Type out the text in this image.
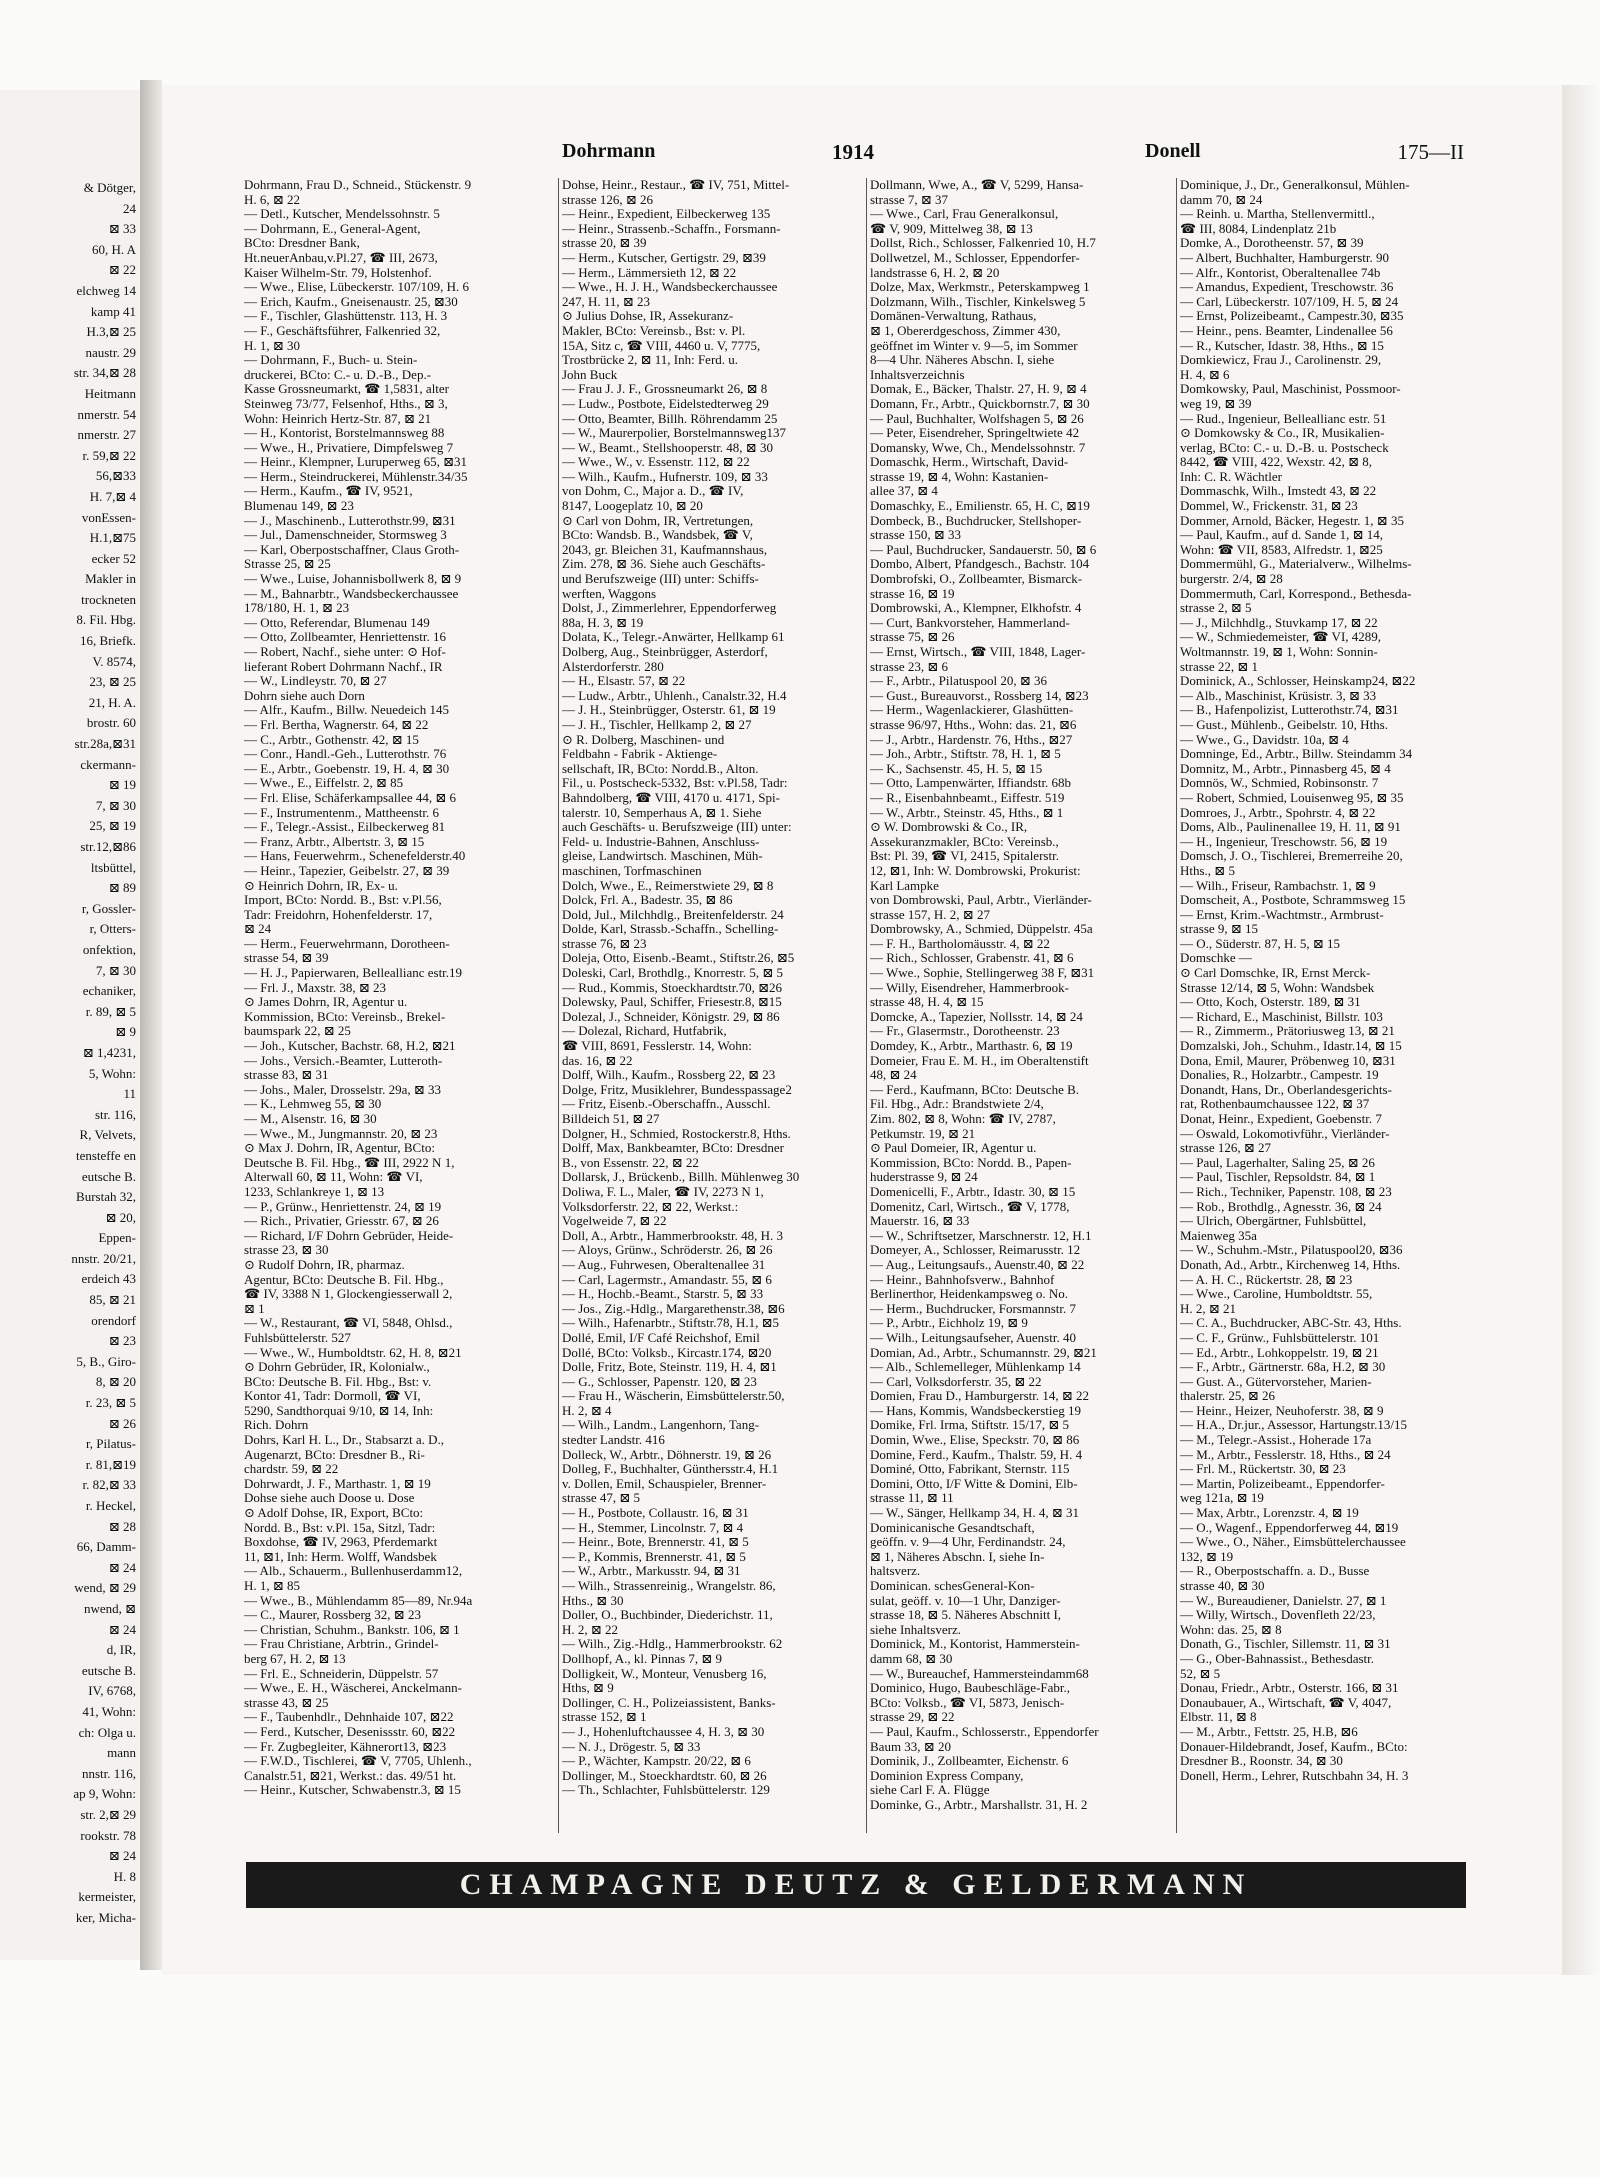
& Dötger,
24
⊠ 33
60, H. A
⊠ 22
elchweg 14
kamp 41
H.3,⊠ 25
naustr. 29
str. 34,⊠ 28
Heitmann
nmerstr. 54
nmerstr. 27
r. 59,⊠ 22
56,⊠33
H. 7,⊠ 4
vonEssen-
H.1,⊠75
ecker 52
Makler in
trockneten
8. Fil. Hbg.
16, Briefk.
V. 8574,
23, ⊠ 25
21, H. A.
brostr. 60
str.28a,⊠31
ckermann-
⊠ 19
7, ⊠ 30
25, ⊠ 19
str.12,⊠86
ltsbüttel,
⊠ 89
r, Gossler-
r, Otters-
onfektion,
7, ⊠ 30
echaniker,
r. 89, ⊠ 5
⊠ 9
⊠ 1,4231,
5, Wohn:
11
str. 116,
R, Velvets,
tensteffe en
eutsche B.
Burstah 32,
⊠ 20,
Eppen-
nnstr. 20/21,
erdeich 43
85, ⊠ 21
orendorf
⊠ 23
5, B., Giro-
8, ⊠ 20
r. 23, ⊠ 5
⊠ 26
r, Pilatus-
r. 81,⊠19
r. 82,⊠ 33
r. Heckel,
⊠ 28
66, Damm-
⊠ 24
wend, ⊠ 29
nwend, ⊠
⊠ 24
d, IR,
eutsche B.
IV, 6768,
41, Wohn:
ch: Olga u.
mann
nnstr. 116,
ap 9, Wohn:
str. 2,⊠ 29
rookstr. 78
⊠ 24
H. 8
kermeister,
ker, Micha-
Dohrmann	1914	Donell	175—II
Dohrmann, Frau D., Schneid., Stückenstr. 9
H. 6, ⊠ 22
— Detl., Kutscher, Mendelssohnstr. 5
— Dohrmann, E., General-Agent,
BCto: Dresdner Bank,
Ht.neuerAnbau,v.Pl.27, ☎ III, 2673,
Kaiser Wilhelm-Str. 79, Holstenhof.
— Wwe., Elise, Lübeckerstr. 107/109, H. 6
— Erich, Kaufm., Gneisenaustr. 25, ⊠30
— F., Tischler, Glashüttenstr. 113, H. 3
— F., Geschäftsführer, Falkenried 32,
H. 1, ⊠ 30
— Dohrmann, F., Buch- u. Stein-
druckerei, BCto: C.- u. D.-B., Dep.-
Kasse Grossneumarkt, ☎ 1,5831, alter
Steinweg 73/77, Felsenhof, Hths., ⊠ 3,
Wohn: Heinrich Hertz-Str. 87, ⊠ 21
— H., Kontorist, Borstelmannsweg 88
— Wwe., H., Privatiere, Dimpfelsweg 7
— Heinr., Klempner, Luruperweg 65, ⊠31
— Herm., Steindruckerei, Mühlenstr.34/35
— Herm., Kaufm., ☎ IV, 9521,
Blumenau 149, ⊠ 23
— J., Maschinenb., Lutterothstr.99, ⊠31
— Jul., Damenschneider, Stormsweg 3
— Karl, Oberpostschaffner, Claus Groth-
Strasse 25, ⊠ 25
— Wwe., Luise, Johannisbollwerk 8, ⊠ 9
— M., Bahnarbtr., Wandsbeckerchaussee
178/180, H. 1, ⊠ 23
— Otto, Referendar, Blumenau 149
— Otto, Zollbeamter, Henriettenstr. 16
— Robert, Nachf., siehe unter: ⊙ Hof-
lieferant Robert Dohrmann Nachf., IR
— W., Lindleystr. 70, ⊠ 27
Dohrn siehe auch Dorn
— Alfr., Kaufm., Billw. Neuedeich 145
— Frl. Bertha, Wagnerstr. 64, ⊠ 22
— C., Arbtr., Gothenstr. 42, ⊠ 15
— Conr., Handl.-Geh., Lutterothstr. 76
— E., Arbtr., Goebenstr. 19, H. 4, ⊠ 30
— Wwe., E., Eiffelstr. 2, ⊠ 85
— Frl. Elise, Schäferkampsallee 44, ⊠ 6
— F., Instrumentenm., Mattheenstr. 6
— F., Telegr.-Assist., Eilbeckerweg 81
— Franz, Arbtr., Albertstr. 3, ⊠ 15
— Hans, Feuerwehrm., Schenefelderstr.40
— Heinr., Tapezier, Geibelstr. 27, ⊠ 39
⊙ Heinrich Dohrn, IR, Ex- u.
Import, BCto: Nordd. B., Bst: v.Pl.56,
Tadr: Freidohrn, Hohenfelderstr. 17,
⊠ 24
— Herm., Feuerwehrmann, Dorotheen-
strasse 54, ⊠ 39
— H. J., Papierwaren, Belleallianc estr.19
— Frl. J., Maxstr. 38, ⊠ 23
⊙ James Dohrn, IR, Agentur u.
Kommission, BCto: Vereinsb., Brekel-
baumspark 22, ⊠ 25
— Joh., Kutscher, Bachstr. 68, H.2, ⊠21
— Johs., Versich.-Beamter, Lutteroth-
strasse 83, ⊠ 31
— Johs., Maler, Drosselstr. 29a, ⊠ 33
— K., Lehmweg 55, ⊠ 30
— M., Alsenstr. 16, ⊠ 30
— Wwe., M., Jungmannstr. 20, ⊠ 23
⊙ Max J. Dohrn, IR, Agentur, BCto:
Deutsche B. Fil. Hbg., ☎ III, 2922 N 1,
Alterwall 60, ⊠ 11, Wohn: ☎ VI,
1233, Schlankreye 1, ⊠ 13
— P., Grünw., Henriettenstr. 24, ⊠ 19
— Rich., Privatier, Griesstr. 67, ⊠ 26
— Richard, I/F Dohrn Gebrüder, Heide-
strasse 23, ⊠ 30
⊙ Rudolf Dohrn, IR, pharmaz.
Agentur, BCto: Deutsche B. Fil. Hbg.,
☎ IV, 3388 N 1, Glockengiesserwall 2,
⊠ 1
— W., Restaurant, ☎ VI, 5848, Ohlsd.,
Fuhlsbüttelerstr. 527
— Wwe., W., Humboldtstr. 62, H. 8, ⊠21
⊙ Dohrn Gebrüder, IR, Kolonialw.,
BCto: Deutsche B. Fil. Hbg., Bst: v.
Kontor 41, Tadr: Dormoll, ☎ VI,
5290, Sandthorquai 9/10, ⊠ 14, Inh:
Rich. Dohrn
Dohrs, Karl H. L., Dr., Stabsarzt a. D.,
Augenarzt, BCto: Dresdner B., Ri-
chardstr. 59, ⊠ 22
Dohrwardt, J. F., Marthastr. 1, ⊠ 19
Dohse siehe auch Doose u. Dose
⊙ Adolf Dohse, IR, Export, BCto:
Nordd. B., Bst: v.Pl. 15a, Sitzl, Tadr:
Boxdohse, ☎ IV, 2963, Pferdemarkt
11, ⊠1, Inh: Herm. Wolff, Wandsbek
— Alb., Schauerm., Bullenhuserdamm12,
H. 1, ⊠ 85
— Wwe., B., Mühlendamm 85—89, Nr.94a
— C., Maurer, Rossberg 32, ⊠ 23
— Christian, Schuhm., Bankstr. 106, ⊠ 1
— Frau Christiane, Arbtrin., Grindel-
berg 67, H. 2, ⊠ 13
— Frl. E., Schneiderin, Düppelstr. 57
— Wwe., E. H., Wäscherei, Anckelmann-
strasse 43, ⊠ 25
— F., Taubenhdlr., Dehnhaide 107, ⊠22
— Ferd., Kutscher, Desenissstr. 60, ⊠22
— Fr. Zugbegleiter, Kähnerort13, ⊠23
— F.W.D., Tischlerei, ☎ V, 7705, Uhlenh.,
Canalstr.51, ⊠21, Werkst.: das. 49/51 ht.
— Heinr., Kutscher, Schwabenstr.3, ⊠ 15
Dohse, Heinr., Restaur., ☎ IV, 751, Mittel-
strasse 126, ⊠ 26
— Heinr., Expedient, Eilbeckerweg 135
— Heinr., Strassenb.-Schaffn., Forsmann-
strasse 20, ⊠ 39
— Herm., Kutscher, Gertigstr. 29, ⊠39
— Herm., Lämmersieth 12, ⊠ 22
— Wwe., H. J. H., Wandsbeckerchaussee
247, H. 11, ⊠ 23
⊙ Julius Dohse, IR, Assekuranz-
Makler, BCto: Vereinsb., Bst: v. Pl.
15A, Sitz c, ☎ VIII, 4460 u. V, 7775,
Trostbrücke 2, ⊠ 11, Inh: Ferd. u.
John Buck
— Frau J. J. F., Grossneumarkt 26, ⊠ 8
— Ludw., Postbote, Eidelstedterweg 29
— Otto, Beamter, Billh. Röhrendamm 25
— W., Maurerpolier, Borstelmannsweg137
— W., Beamt., Stellshooperstr. 48, ⊠ 30
— Wwe., W., v. Essenstr. 112, ⊠ 22
— Wilh., Kaufm., Hufnerstr. 109, ⊠ 33
von Dohm, C., Major a. D., ☎ IV,
8147, Loogeplatz 10, ⊠ 20
⊙ Carl von Dohm, IR, Vertretungen,
BCto: Wandsb. B., Wandsbek, ☎ V,
2043, gr. Bleichen 31, Kaufmannshaus,
Zim. 278, ⊠ 36. Siehe auch Geschäfts-
und Berufszweige (III) unter: Schiffs-
werften, Waggons
Dolst, J., Zimmerlehrer, Eppendorferweg
88a, H. 3, ⊠ 19
Dolata, K., Telegr.-Anwärter, Hellkamp 61
Dolberg, Aug., Steinbrügger, Asterdorf,
Alsterdorferstr. 280
— H., Elsastr. 57, ⊠ 22
— Ludw., Arbtr., Uhlenh., Canalstr.32, H.4
— J. H., Steinbrügger, Osterstr. 61, ⊠ 19
— J. H., Tischler, Hellkamp 2, ⊠ 27
⊙ R. Dolberg, Maschinen- und
Feldbahn - Fabrik - Aktienge-
sellschaft, IR, BCto: Nordd.B., Alton.
Fil., u. Postscheck-5332, Bst: v.Pl.58, Tadr:
Bahndolberg, ☎ VIII, 4170 u. 4171, Spi-
talerstr. 10, Semperhaus A, ⊠ 1. Siehe
auch Geschäfts- u. Berufszweige (III) unter:
Feld- u. Industrie-Bahnen, Anschluss-
gleise, Landwirtsch. Maschinen, Müh-
maschinen, Torfmaschinen
Dolch, Wwe., E., Reimerstwiete 29, ⊠ 8
Dolck, Frl. A., Badestr. 35, ⊠ 86
Dold, Jul., Milchhdlg., Breitenfelderstr. 24
Dolde, Karl, Strassb.-Schaffn., Schelling-
strasse 76, ⊠ 23
Doleja, Otto, Eisenb.-Beamt., Stiftstr.26, ⊠5
Doleski, Carl, Brothdlg., Knorrestr. 5, ⊠ 5
— Rud., Kommis, Stoeckhardtstr.70, ⊠26
Dolewsky, Paul, Schiffer, Friesestr.8, ⊠15
Dolezal, J., Schneider, Königstr. 29, ⊠ 86
— Dolezal, Richard, Hutfabrik,
☎ VIII, 8691, Fesslerstr. 14, Wohn:
das. 16, ⊠ 22
Dolff, Wilh., Kaufm., Rossberg 22, ⊠ 23
Dolge, Fritz, Musiklehrer, Bundesspassage2
— Fritz, Eisenb.-Oberschaffn., Ausschl.
Billdeich 51, ⊠ 27
Dolgner, H., Schmied, Rostockerstr.8, Hths.
Dolff, Max, Bankbeamter, BCto: Dresdner
B., von Essenstr. 22, ⊠ 22
Dollarsk, J., Brückenb., Billh. Mühlenweg 30
Doliwa, F. L., Maler, ☎ IV, 2273 N 1,
Volksdorferstr. 22, ⊠ 22, Werkst.:
Vogelweide 7, ⊠ 22
Doll, A., Arbtr., Hammerbrookstr. 48, H. 3
— Aloys, Grünw., Schröderstr. 26, ⊠ 26
— Aug., Fuhrwesen, Oberaltenallee 31
— Carl, Lagermstr., Amandastr. 55, ⊠ 6
— H., Hochb.-Beamt., Starstr. 5, ⊠ 33
— Jos., Zig.-Hdlg., Margarethenstr.38, ⊠6
— Wilh., Hafenarbtr., Stiftstr.78, H.1, ⊠5
Dollé, Emil, I/F Café Reichshof, Emil
Dollé, BCto: Volksb., Kircastr.174, ⊠20
Dolle, Fritz, Bote, Steinstr. 119, H. 4, ⊠1
— G., Schlosser, Papenstr. 120, ⊠ 23
— Frau H., Wäscherin, Eimsbüttelerstr.50,
H. 2, ⊠ 4
— Wilh., Landm., Langenhorn, Tang-
stedter Landstr. 416
Dolleck, W., Arbtr., Döhnerstr. 19, ⊠ 26
Dolleg, F., Buchhalter, Günthersstr.4, H.1
v. Dollen, Emil, Schauspieler, Brenner-
strasse 47, ⊠ 5
— H., Postbote, Collaustr. 16, ⊠ 31
— H., Stemmer, Lincolnstr. 7, ⊠ 4
— Heinr., Bote, Brennerstr. 41, ⊠ 5
— P., Kommis, Brennerstr. 41, ⊠ 5
— W., Arbtr., Markusstr. 94, ⊠ 31
— Wilh., Strassenreinig., Wrangelstr. 86,
Hths., ⊠ 30
Doller, O., Buchbinder, Diederichstr. 11,
H. 2, ⊠ 22
— Wilh., Zig.-Hdlg., Hammerbrookstr. 62
Dollhopf, A., kl. Pinnas 7, ⊠ 9
Dolligkeit, W., Monteur, Venusberg 16,
Hths, ⊠ 9
Dollinger, C. H., Polizeiassistent, Banks-
strasse 152, ⊠ 1
— J., Hohenluftchaussee 4, H. 3, ⊠ 30
— N. J., Drögestr. 5, ⊠ 33
— P., Wächter, Kampstr. 20/22, ⊠ 6
Dollinger, M., Stoeckhardtstr. 60, ⊠ 26
— Th., Schlachter, Fuhlsbüttelerstr. 129
Dollmann, Wwe, A., ☎ V, 5299, Hansa-
strasse 7, ⊠ 37
— Wwe., Carl, Frau Generalkonsul,
☎ V, 909, Mittelweg 38, ⊠ 13
Dollst, Rich., Schlosser, Falkenried 10, H.7
Dollwetzel, M., Schlosser, Eppendorfer-
landstrasse 6, H. 2, ⊠ 20
Dolze, Max, Werkmstr., Peterskampweg 1
Dolzmann, Wilh., Tischler, Kinkelsweg 5
Domänen-Verwaltung, Rathaus,
⊠ 1, Obererdgeschoss, Zimmer 430,
geöffnet im Winter v. 9—5, im Sommer
8—4 Uhr. Näheres Abschn. I, siehe
Inhaltsverzeichnis
Domak, E., Bäcker, Thalstr. 27, H. 9, ⊠ 4
Domann, Fr., Arbtr., Quickbornstr.7, ⊠ 30
— Paul, Buchhalter, Wolfshagen 5, ⊠ 26
— Peter, Eisendreher, Springeltwiete 42
Domansky, Wwe, Ch., Mendelssohnstr. 7
Domaschk, Herm., Wirtschaft, David-
strasse 19, ⊠ 4, Wohn: Kastanien-
allee 37, ⊠ 4
Domaschky, E., Emilienstr. 65, H. C, ⊠19
Dombeck, B., Buchdrucker, Stellshoper-
strasse 150, ⊠ 33
— Paul, Buchdrucker, Sandauerstr. 50, ⊠ 6
Dombo, Albert, Pfandgesch., Bachstr. 104
Dombrofski, O., Zollbeamter, Bismarck-
strasse 16, ⊠ 19
Dombrowski, A., Klempner, Elkhofstr. 4
— Curt, Bankvorsteher, Hammerland-
strasse 75, ⊠ 26
— Ernst, Wirtsch., ☎ VIII, 1848, Lager-
strasse 23, ⊠ 6
— F., Arbtr., Pilatuspool 20, ⊠ 36
— Gust., Bureauvorst., Rossberg 14, ⊠23
— Herm., Wagenlackierer, Glashütten-
strasse 96/97, Hths., Wohn: das. 21, ⊠6
— J., Arbtr., Hardenstr. 76, Hths., ⊠27
— Joh., Arbtr., Stiftstr. 78, H. 1, ⊠ 5
— K., Sachsenstr. 45, H. 5, ⊠ 15
— Otto, Lampenwärter, Iffiandstr. 68b
— R., Eisenbahnbeamt., Eiffestr. 519
— W., Arbtr., Steinstr. 45, Hths., ⊠ 1
⊙ W. Dombrowski & Co., IR,
Assekuranzmakler, BCto: Vereinsb.,
Bst: Pl. 39, ☎ VI, 2415, Spitalerstr.
12, ⊠1, Inh: W. Dombrowski, Prokurist:
Karl Lampke
von Dombrowski, Paul, Arbtr., Vierländer-
strasse 157, H. 2, ⊠ 27
Dombrowsky, A., Schmied, Düppelstr. 45a
— F. H., Bartholomäusstr. 4, ⊠ 22
— Rich., Schlosser, Grabenstr. 41, ⊠ 6
— Wwe., Sophie, Stellingerweg 38 F, ⊠31
— Willy, Eisendreher, Hammerbrook-
strasse 48, H. 4, ⊠ 15
Domcke, A., Tapezier, Nollsstr. 14, ⊠ 24
— Fr., Glasermstr., Dorotheenstr. 23
Domdey, K., Arbtr., Marthastr. 6, ⊠ 19
Domeier, Frau E. M. H., im Oberaltenstift
48, ⊠ 24
— Ferd., Kaufmann, BCto: Deutsche B.
Fil. Hbg., Adr.: Brandstwiete 2/4,
Zim. 802, ⊠ 8, Wohn: ☎ IV, 2787,
Petkumstr. 19, ⊠ 21
⊙ Paul Domeier, IR, Agentur u.
Kommission, BCto: Nordd. B., Papen-
huderstrasse 9, ⊠ 24
Domenicelli, F., Arbtr., Idastr. 30, ⊠ 15
Domenitz, Carl, Wirtsch., ☎ V, 1778,
Mauerstr. 16, ⊠ 33
— W., Schriftsetzer, Marschnerstr. 12, H.1
Domeyer, A., Schlosser, Reimarusstr. 12
— Aug., Leitungsaufs., Auenstr.40, ⊠ 22
— Heinr., Bahnhofsverw., Bahnhof
Berlinerthor, Heidenkampsweg o. No.
— Herm., Buchdrucker, Forsmannstr. 7
— P., Arbtr., Eichholz 19, ⊠ 9
— Wilh., Leitungsaufseher, Auenstr. 40
Domian, Ad., Arbtr., Schumannstr. 29, ⊠21
— Alb., Schlemelleger, Mühlenkamp 14
— Carl, Volksdorferstr. 35, ⊠ 22
Domien, Frau D., Hamburgerstr. 14, ⊠ 22
— Hans, Kommis, Wandsbeckerstieg 19
Domike, Frl. Irma, Stiftstr. 15/17, ⊠ 5
Domin, Wwe., Elise, Speckstr. 70, ⊠ 86
Domine, Ferd., Kaufm., Thalstr. 59, H. 4
Dominé, Otto, Fabrikant, Sternstr. 115
Domini, Otto, I/F Witte & Domini, Elb-
strasse 11, ⊠ 11
— W., Sänger, Hellkamp 34, H. 4, ⊠ 31
Dominicanische Gesandtschaft,
geöffn. v. 9—4 Uhr, Ferdinandstr. 24,
⊠ 1, Näheres Abschn. I, siehe In-
haltsverz.
Dominican. schesGeneral-Kon-
sulat, geöff. v. 10—1 Uhr, Danziger-
strasse 18, ⊠ 5. Näheres Abschnitt I,
siehe Inhaltsverz.
Dominick, M., Kontorist, Hammerstein-
damm 68, ⊠ 30
— W., Bureauchef, Hammersteindamm68
Dominico, Hugo, Baubeschläge-Fabr.,
BCto: Volksb., ☎ VI, 5873, Jenisch-
strasse 29, ⊠ 22
— Paul, Kaufm., Schlosserstr., Eppendorfer
Baum 33, ⊠ 20
Dominik, J., Zollbeamter, Eichenstr. 6
Dominion Express Company,
siehe Carl F. A. Flügge
Dominke, G., Arbtr., Marshallstr. 31, H. 2
Dominique, J., Dr., Generalkonsul, Mühlen-
damm 70, ⊠ 24
— Reinh. u. Martha, Stellenvermittl.,
☎ III, 8084, Lindenplatz 21b
Domke, A., Dorotheenstr. 57, ⊠ 39
— Albert, Buchhalter, Hamburgerstr. 90
— Alfr., Kontorist, Oberaltenallee 74b
— Amandus, Expedient, Treschowstr. 36
— Carl, Lübeckerstr. 107/109, H. 5, ⊠ 24
— Ernst, Polizeibeamt., Campestr.30, ⊠35
— Heinr., pens. Beamter, Lindenallee 56
— R., Kutscher, Idastr. 38, Hths., ⊠ 15
Domkiewicz, Frau J., Carolinenstr. 29,
H. 4, ⊠ 6
Domkowsky, Paul, Maschinist, Possmoor-
weg 19, ⊠ 39
— Rud., Ingenieur, Belleallianc estr. 51
⊙ Domkowsky & Co., IR, Musikalien-
verlag, BCto: C.- u. D.-B. u. Postscheck
8442, ☎ VIII, 422, Wexstr. 42, ⊠ 8,
Inh: C. R. Wächtler
Dommaschk, Wilh., Imstedt 43, ⊠ 22
Dommel, W., Frickenstr. 31, ⊠ 23
Dommer, Arnold, Bäcker, Hegestr. 1, ⊠ 35
— Paul, Kaufm., auf d. Sande 1, ⊠ 14,
Wohn: ☎ VII, 8583, Alfredstr. 1, ⊠25
Dommermühl, G., Materialverw., Wilhelms-
burgerstr. 2/4, ⊠ 28
Dommermuth, Carl, Korrespond., Bethesda-
strasse 2, ⊠ 5
— J., Milchhdlg., Stuvkamp 17, ⊠ 22
— W., Schmiedemeister, ☎ VI, 4289,
Woltmannstr. 19, ⊠ 1, Wohn: Sonnin-
strasse 22, ⊠ 1
Dominick, A., Schlosser, Heinskamp24, ⊠22
— Alb., Maschinist, Krüsistr. 3, ⊠ 33
— B., Hafenpolizist, Lutterothstr.74, ⊠31
— Gust., Mühlenb., Geibelstr. 10, Hths.
— Wwe., G., Davidstr. 10a, ⊠ 4
Domninge, Ed., Arbtr., Billw. Steindamm 34
Domnitz, M., Arbtr., Pinnasberg 45, ⊠ 4
Domnös, W., Schmied, Robinsonstr. 7
— Robert, Schmied, Louisenweg 95, ⊠ 35
Domroes, J., Arbtr., Spohrstr. 4, ⊠ 22
Doms, Alb., Paulinenallee 19, H. 11, ⊠ 91
— H., Ingenieur, Treschowstr. 56, ⊠ 19
Domsch, J. O., Tischlerei, Bremerreihe 20,
Hths., ⊠ 5
— Wilh., Friseur, Rambachstr. 1, ⊠ 9
Domscheit, A., Postbote, Schrammsweg 15
— Ernst, Krim.-Wachtmstr., Armbrust-
strasse 9, ⊠ 15
— O., Süderstr. 87, H. 5, ⊠ 15
Domschke —
⊙ Carl Domschke, IR, Ernst Merck-
Strasse 12/14, ⊠ 5, Wohn: Wandsbek
— Otto, Koch, Osterstr. 189, ⊠ 31
— Richard, E., Maschinist, Billstr. 103
— R., Zimmerm., Prätoriusweg 13, ⊠ 21
Domzalski, Joh., Schuhm., Idastr.14, ⊠ 15
Dona, Emil, Maurer, Pröbenweg 10, ⊠31
Donalies, R., Holzarbtr., Campestr. 19
Donandt, Hans, Dr., Oberlandesgerichts-
rat, Rothenbaumchaussee 122, ⊠ 37
Donat, Heinr., Expedient, Goebenstr. 7
— Oswald, Lokomotivführ., Vierländer-
strasse 126, ⊠ 27
— Paul, Lagerhalter, Saling 25, ⊠ 26
— Paul, Tischler, Repsoldstr. 84, ⊠ 1
— Rich., Techniker, Papenstr. 108, ⊠ 23
— Rob., Brothdlg., Agnesstr. 36, ⊠ 24
— Ulrich, Obergärtner, Fuhlsbüttel,
Maienweg 35a
— W., Schuhm.-Mstr., Pilatuspool20, ⊠36
Donath, Ad., Arbtr., Kirchenweg 14, Hths.
— A. H. C., Rückertstr. 28, ⊠ 23
— Wwe., Caroline, Humboldtstr. 55,
H. 2, ⊠ 21
— C. A., Buchdrucker, ABC-Str. 43, Hths.
— C. F., Grünw., Fuhlsbüttelerstr. 101
— Ed., Arbtr., Lohkoppelstr. 19, ⊠ 21
— F., Arbtr., Gärtnerstr. 68a, H.2, ⊠ 30
— Gust. A., Gütervorsteher, Marien-
thalerstr. 25, ⊠ 26
— Heinr., Heizer, Neuhoferstr. 38, ⊠ 9
— H.A., Dr.jur., Assessor, Hartungstr.13/15
— M., Telegr.-Assist., Hoherade 17a
— M., Arbtr., Fesslerstr. 18, Hths., ⊠ 24
— Frl. M., Rückertstr. 30, ⊠ 23
— Martin, Polizeibeamt., Eppendorfer-
weg 121a, ⊠ 19
— Max, Arbtr., Lorenzstr. 4, ⊠ 19
— O., Wagenf., Eppendorferweg 44, ⊠19
— Wwe., O., Näher., Eimsbüttelerchaussee
132, ⊠ 19
— R., Oberpostschaffn. a. D., Busse
strasse 40, ⊠ 30
— W., Bureaudiener, Danielstr. 27, ⊠ 1
— Willy, Wirtsch., Dovenfleth 22/23,
Wohn: das. 25, ⊠ 8
Donath, G., Tischler, Sillemstr. 11, ⊠ 31
— G., Ober-Bahnassist., Bethesdastr.
52, ⊠ 5
Donau, Friedr., Arbtr., Osterstr. 166, ⊠ 31
Donaubauer, A., Wirtschaft, ☎ V, 4047,
Elbstr. 11, ⊠ 8
— M., Arbtr., Fettstr. 25, H.B, ⊠6
Donauer-Hildebrandt, Josef, Kaufm., BCto:
Dresdner B., Roonstr. 34, ⊠ 30
Donell, Herm., Lehrer, Rutschbahn 34, H. 3
CHAMPAGNE DEUTZ & GELDERMANN
